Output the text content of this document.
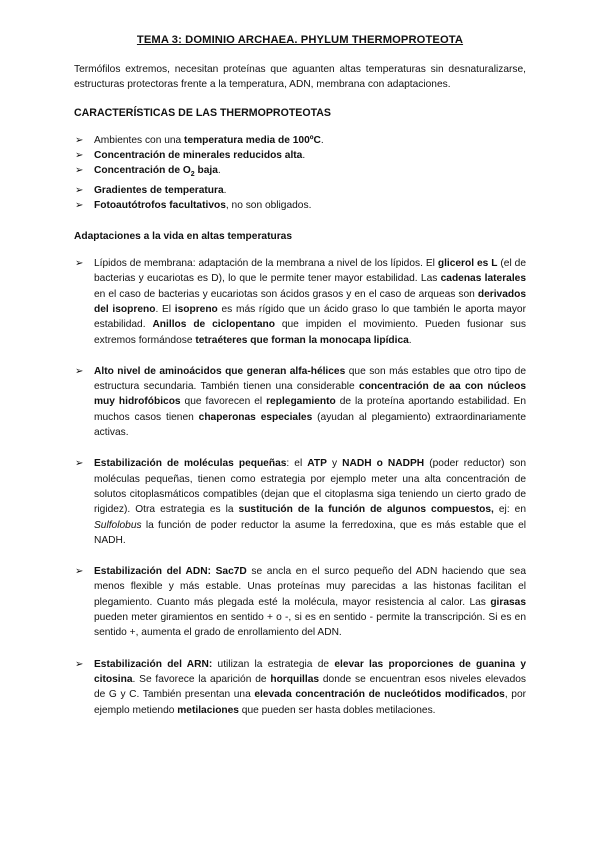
TEMA 3: DOMINIO ARCHAEA. PHYLUM THERMOPROTEOTA

Termófilos extremos, necesitan proteínas que aguanten altas temperaturas sin desnaturalizarse, estructuras protectoras frente a la temperatura, ADN, membrana con adaptaciones.

CARACTERÍSTICAS DE LAS THERMOPROTEOTAS
➢ Ambientes con una temperatura media de 100ºC.
➢ Concentración de minerales reducidos alta.
➢ Concentración de $O_2$ baja.
➢ Gradientes de temperatura.
➢ Fotoautótrofos facultativos, no son obligados.
Adaptaciones a la vida en altas temperaturas
➢ Lípidos de membrana: adaptación de la membrana a nivel de los lípidos. El glicerol es L (el de bacterias y eucariotas es D), lo que le permite tener mayor estabilidad. Las cadenas laterales en el caso de bacterias y eucariotas son ácidos grasos y en el caso de arqueas son derivados del isopreno. El isopreno es más rígido que un ácido graso lo que también le aporta mayor estabilidad. Anillos de ciclopentano que impiden el movimiento. Pueden fusionar sus extremos formándose tetraéteres que forman la monocapa lipídica.
➢ Alto nivel de aminoácidos que generan alfa-hélices que son más estables que otro tipo de estructura secundaria. También tienen una considerable concentración de aa con núcleos muy hidrofóbicos que favorecen el replegamiento de la proteína aportando estabilidad. En muchos casos tienen chaperonas especiales (ayudan al plegamiento) extraordinariamente activas.
➢ Estabilización de moléculas pequeñas: el ATP y NADH o NADPH (poder reductor) son moléculas pequeñas, tienen como estrategia por ejemplo meter una alta concentración de solutos citoplasmáticos compatibles (dejan que el citoplasma siga teniendo un cierto grado de rigidez). Otra estrategia es la sustitución de la función de algunos compuestos, ej: en Sulfolobus la función de poder reductor la asume la ferredoxina, que es más estable que el NADH.
➢ Estabilización del ADN: Sac7D se ancla en el surco pequeño del ADN haciendo que sea menos flexible y más estable. Unas proteínas muy parecidas a las histonas facilitan el plegamiento. Cuanto más plegada esté la molécula, mayor resistencia al calor. Las girasas pueden meter giramientos en sentido + o -, si es en sentido - permite la transcripción. Si es en sentido +, aumenta el grado de enrollamiento del ADN.
➢ Estabilización del ARN: utilizan la estrategia de elevar las proporciones de guanina y citosina. Se favorece la aparición de horquillas donde se encuentran esos niveles elevados de G y C. También presentan una elevada concentración de nucleótidos modificados, por ejemplo metiendo metilaciones que pueden ser hasta dobles metilaciones.
